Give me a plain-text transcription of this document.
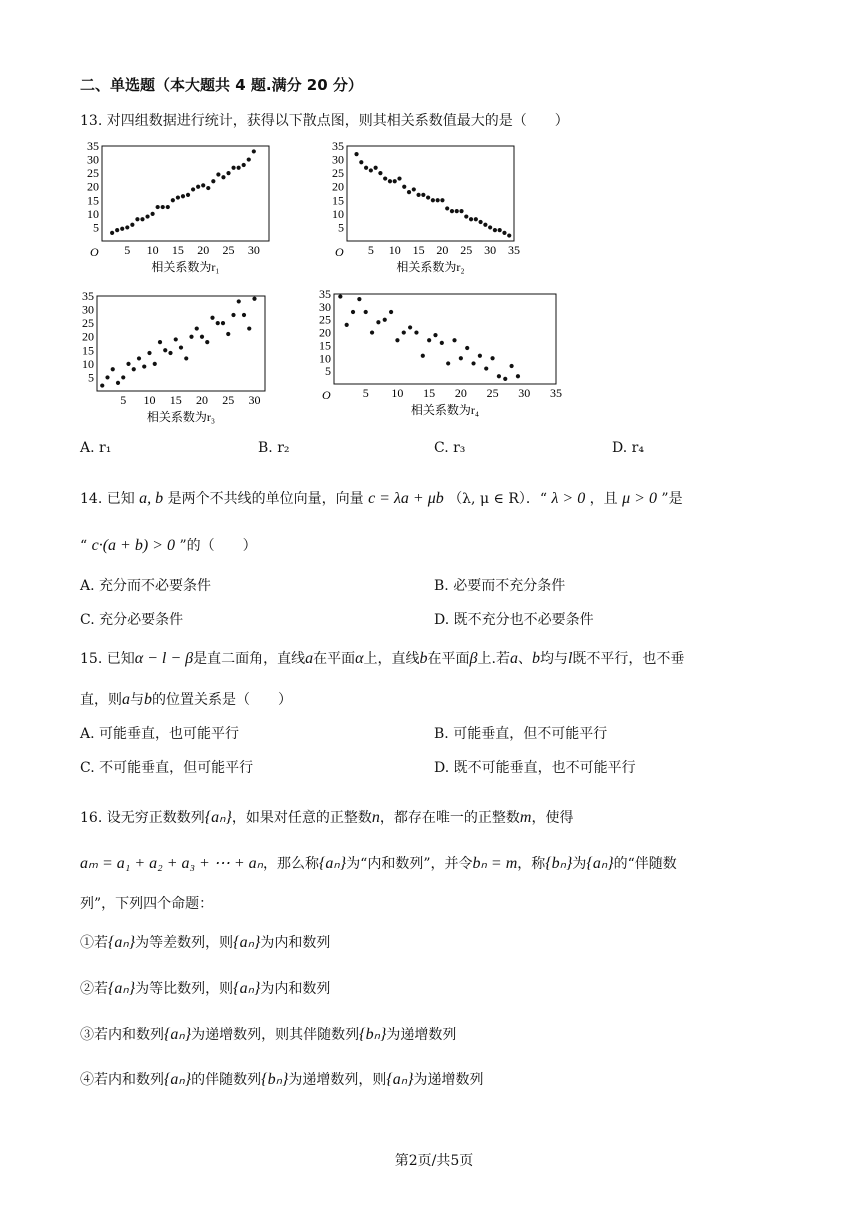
二、单选题（本大题共 4 题.满分 20 分）
13. 对四组数据进行统计，获得以下散点图，则其相关系数值最大的是（　　）
35
30
25
20
15
10
5
5 10 15 20 25 30
O
相关系数为r₁
35
30
25
20
15
10
5
5 10 15 20 25 30 35
O
相关系数为r₂
35
30
25
20
15
10
5
5 10 15 20 25 30
相关系数为r₃
35
30
25
20
15
10
5
5 10 15 20 25 30 35
O
相关系数为r₄
A. r₁	B. r₂	C. r₃	D. r₄
14. 已知 a, b 是两个不共线的单位向量，向量 c = λa + μb （λ, μ ∈ R）．“ λ > 0 ，且 μ > 0 ”是
“ c·(a + b) > 0 ”的（　　）
A. 充分而不必要条件	B. 必要而不充分条件
C. 充分必要条件	D. 既不充分也不必要条件
15. 已知α − l − β是直二面角，直线a在平面α上，直线b在平面β上.若a、b均与l既不平行，也不垂
直，则a与b的位置关系是（　　）
A. 可能垂直，也可能平行	B. 可能垂直，但不可能平行
C. 不可能垂直，但可能平行	D. 既不可能垂直，也不可能平行
16. 设无穷正数数列{aₙ}，如果对任意的正整数n，都存在唯一的正整数m，使得
aₘ = a₁ + a₂ + a₃ + ⋯ + aₙ，那么称{aₙ}为“内和数列”，并令bₙ = m，称{bₙ}为{aₙ}的“伴随数
列”，下列四个命题：
①若{aₙ}为等差数列，则{aₙ}为内和数列
②若{aₙ}为等比数列，则{aₙ}为内和数列
③若内和数列{aₙ}为递增数列，则其伴随数列{bₙ}为递增数列
④若内和数列{aₙ}的伴随数列{bₙ}为递增数列，则{aₙ}为递增数列
第2页/共5页
